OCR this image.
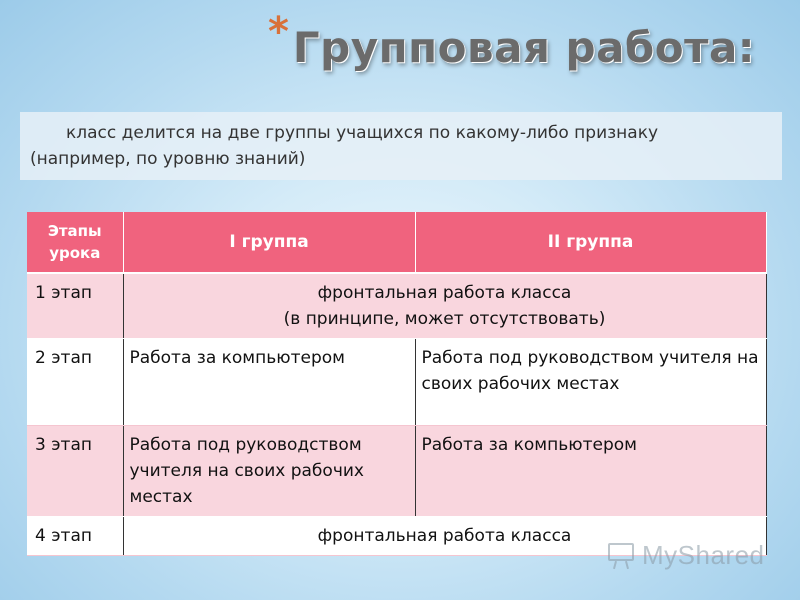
* Групповая работа:
класс делится на две группы учащихся по какому-либо признаку
(например, по уровню знаний)
Этапы урока	I группа	II группа
1 этап	фронтальная работа класса
(в принципе, может отсутствовать)	
2 этап	Работа за компьютером	Работа под руководством учителя на своих рабочих местах
3 этап	Работа под руководством учителя на своих рабочих местах	Работа за компьютером
4 этап	фронтальная работа класса	
MyShared
